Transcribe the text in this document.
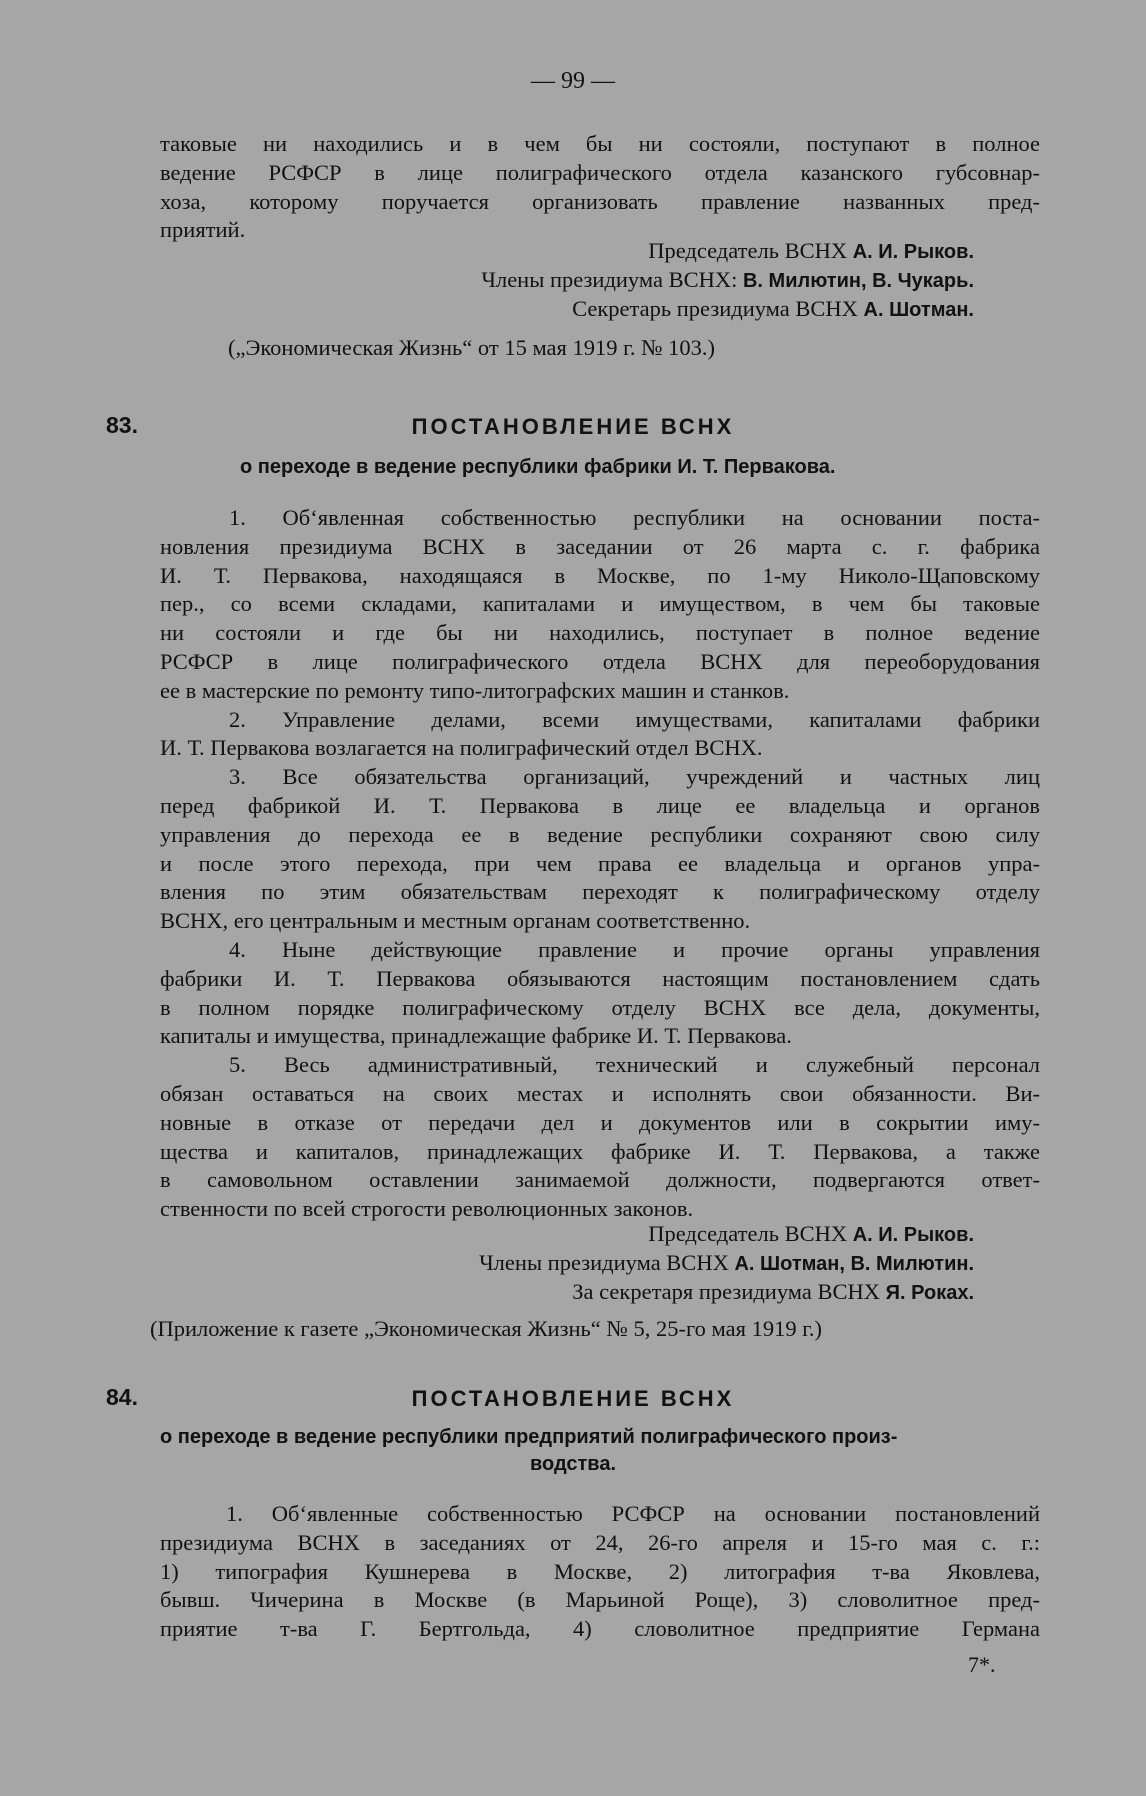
— 99 —
таковые ни находились и в чем бы ни состояли, поступают в полное
ведение РСФСР в лице полиграфического отдела казанского губсовнар-
хоза, которому поручается организовать правление названных пред-
приятий.
Председатель ВСНХ А. И. Рыков.
Члены президиума ВСНХ: В. Милютин, В. Чукарь.
Секретарь президиума ВСНХ А. Шотман.
(„Экономическая Жизнь“ от 15 мая 1919 г. № 103.)
83.	ПОСТАНОВЛЕНИЕ ВСНХ
о переходе в ведение республики фабрики И. Т. Первакова.
1. Об‘явленная собственностью республики на основании поста-
новления президиума ВСНХ в заседании от 26 марта с. г. фабрика
И. Т. Первакова, находящаяся в Москве, по 1-му Николо-Щаповскому
пер., со всеми складами, капиталами и имуществом, в чем бы таковые
ни состояли и где бы ни находились, поступает в полное ведение
РСФСР в лице полиграфического отдела ВСНХ для переоборудования
ее в мастерские по ремонту типо-литографских машин и станков.
2. Управление делами, всеми имуществами, капиталами фабрики
И. Т. Первакова возлагается на полиграфический отдел ВСНХ.
3. Все обязательства организаций, учреждений и частных лиц
перед фабрикой И. Т. Первакова в лице ее владельца и органов
управления до перехода ее в ведение республики сохраняют свою силу
и после этого перехода, при чем права ее владельца и органов упра-
вления по этим обязательствам переходят к полиграфическому отделу
ВСНХ, его центральным и местным органам соответственно.
4. Ныне действующие правление и прочие органы управления
фабрики И. Т. Первакова обязываются настоящим постановлением сдать
в полном порядке полиграфическому отделу ВСНХ все дела, документы,
капиталы и имущества, принадлежащие фабрике И. Т. Первакова.
5. Весь административный, технический и служебный персонал
обязан оставаться на своих местах и исполнять свои обязанности. Ви-
новные в отказе от передачи дел и документов или в сокрытии иму-
щества и капиталов, принадлежащих фабрике И. Т. Первакова, а также
в самовольном оставлении занимаемой должности, подвергаются ответ-
ственности по всей строгости революционных законов.
Председатель ВСНХ А. И. Рыков.
Члены президиума ВСНХ А. Шотман, В. Милютин.
За секретаря президиума ВСНХ Я. Рокаx.
(Приложение к газете „Экономическая Жизнь“ № 5, 25-го мая 1919 г.)
84.	ПОСТАНОВЛЕНИЕ ВСНХ
о переходе в ведение республики предприятий полиграфического произ-
водства.
1. Об‘явленные собственностью РСФСР на основании постановлений
президиума ВСНХ в заседаниях от 24, 26-го апреля и 15-го мая с. г.:
1) типография Кушнерева в Москве, 2) литография т-ва Яковлева,
бывш. Чичерина в Москве (в Марьиной Роще), 3) словолитное пред-
приятие т-ва Г. Бертгольда, 4) словолитное предприятие Германа
7*.
